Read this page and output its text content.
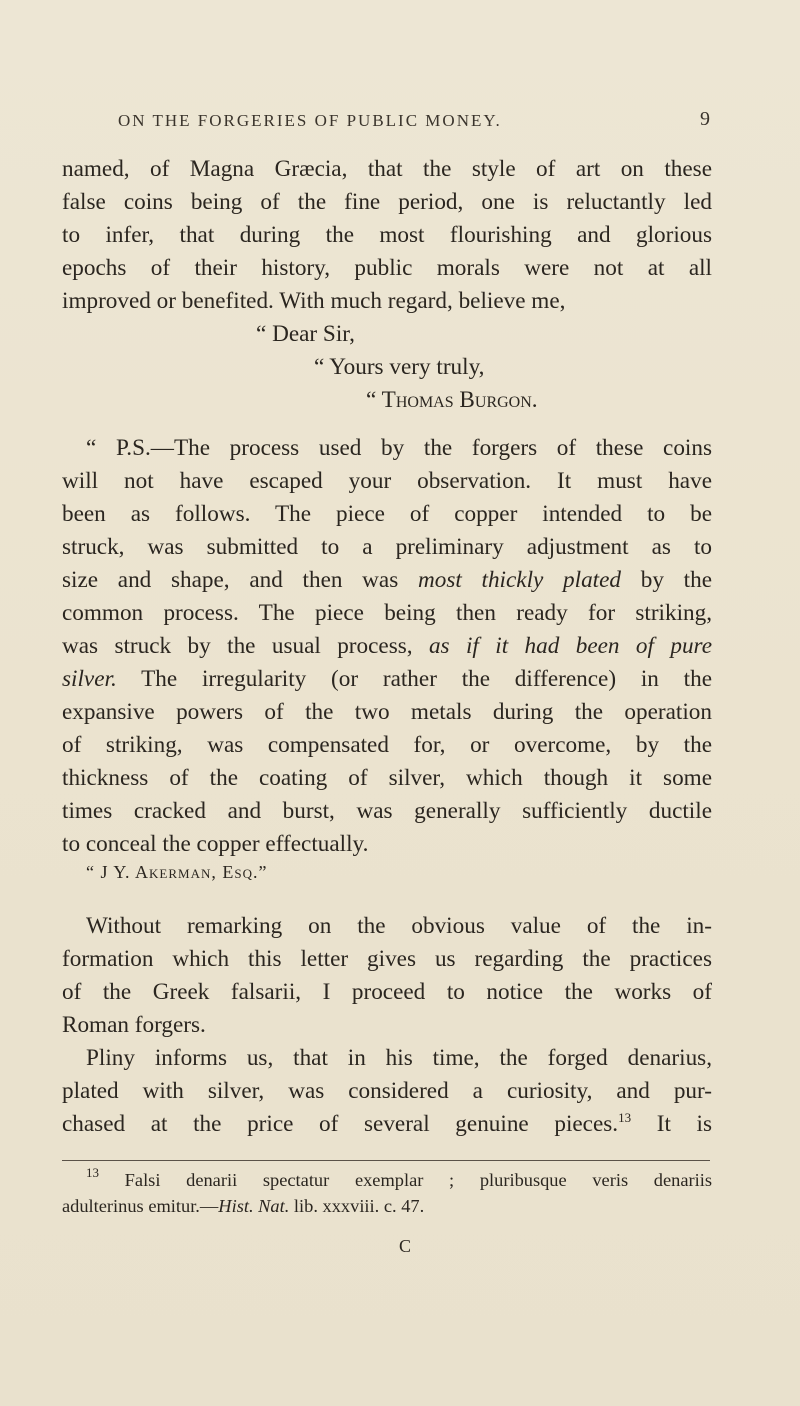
ON THE FORGERIES OF PUBLIC MONEY.	9
named, of Magna Græcia, that the style of art on these
false coins being of the fine period, one is reluctantly led
to infer, that during the most flourishing and glorious
epochs of their history, public morals were not at all
improved or benefited. With much regard, believe me,
“ Dear Sir,
“ Yours very truly,
“ Thomas Burgon.
“ P.S.—The process used by the forgers of these coins
will not have escaped your observation. It must have
been as follows. The piece of copper intended to be
struck, was submitted to a preliminary adjustment as to
size and shape, and then was most thickly plated by the
common process. The piece being then ready for striking,
was struck by the usual process, as if it had been of pure
silver. The irregularity (or rather the difference) in the
expansive powers of the two metals during the operation
of striking, was compensated for, or overcome, by the
thickness of the coating of silver, which though it some
times cracked and burst, was generally sufficiently ductile
to conceal the copper effectually.
“ J Y. Akerman, Esq.”
Without remarking on the obvious value of the in-
formation which this letter gives us regarding the practices
of the Greek falsarii, I proceed to notice the works of
Roman forgers.
Pliny informs us, that in his time, the forged denarius,
plated with silver, was considered a curiosity, and pur-
chased at the price of several genuine pieces.$^{13}$ It is
$^{13}$ Falsi denarii spectatur exemplar ; pluribusque veris denariis
adulterinus emitur.—Hist. Nat. lib. xxxviii. c. 47.
C
